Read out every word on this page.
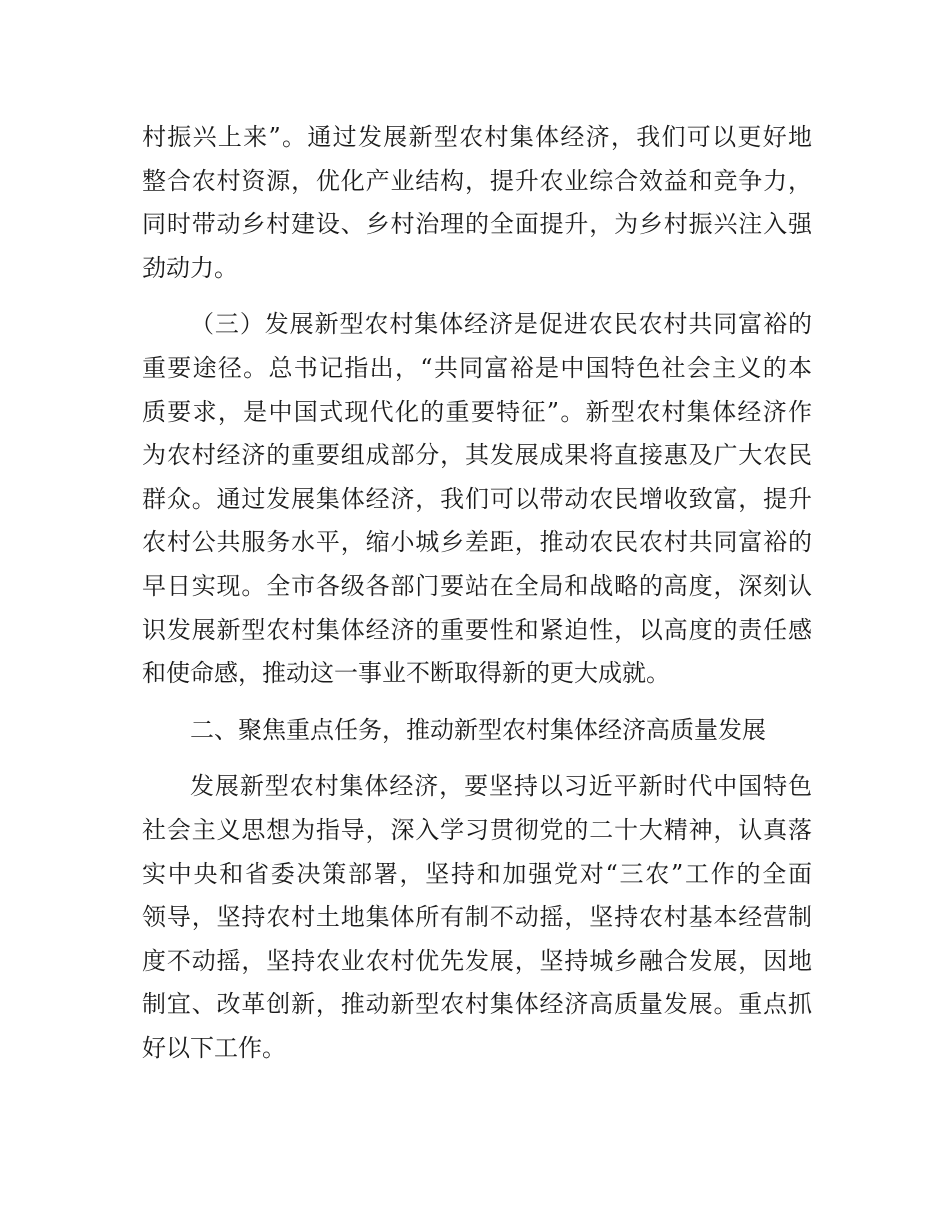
村振兴上来”。通过发展新型农村集体经济，我们可以更好地
整合农村资源，优化产业结构，提升农业综合效益和竞争力，
同时带动乡村建设、乡村治理的全面提升，为乡村振兴注入强
劲动力。
（三）发展新型农村集体经济是促进农民农村共同富裕的
重要途径。总书记指出，“共同富裕是中国特色社会主义的本
质要求，是中国式现代化的重要特征”。新型农村集体经济作
为农村经济的重要组成部分，其发展成果将直接惠及广大农民
群众。通过发展集体经济，我们可以带动农民增收致富，提升
农村公共服务水平，缩小城乡差距，推动农民农村共同富裕的
早日实现。全市各级各部门要站在全局和战略的高度，深刻认
识发展新型农村集体经济的重要性和紧迫性，以高度的责任感
和使命感，推动这一事业不断取得新的更大成就。
二、聚焦重点任务，推动新型农村集体经济高质量发展
发展新型农村集体经济，要坚持以习近平新时代中国特色
社会主义思想为指导，深入学习贯彻党的二十大精神，认真落
实中央和省委决策部署，坚持和加强党对“三农”工作的全面
领导，坚持农村土地集体所有制不动摇，坚持农村基本经营制
度不动摇，坚持农业农村优先发展，坚持城乡融合发展，因地
制宜、改革创新，推动新型农村集体经济高质量发展。重点抓
好以下工作。
